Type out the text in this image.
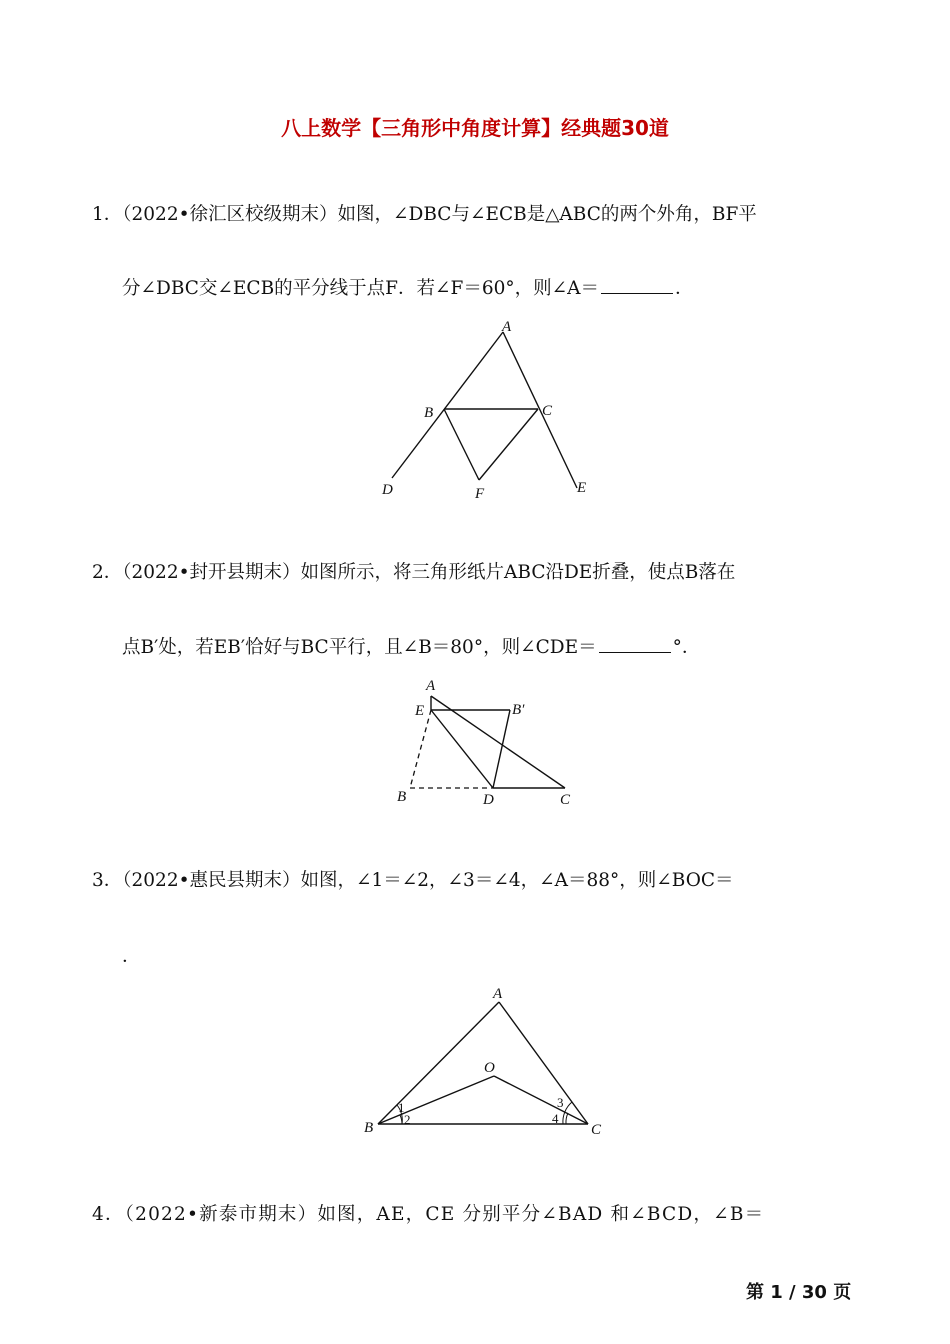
八上数学【三角形中角度计算】经典题30道
1．（2022•徐汇区校级期末）如图，∠DBC与∠ECB是△ABC的两个外角，BF平
分∠DBC交∠ECB的平分线于点F．若∠F＝60°，则∠A＝	．
A
B	C
D	E
F
2．（2022•封开县期末）如图所示，将三角形纸片ABC沿DE折叠，使点B落在
点B′处，若EB′恰好与BC平行，且∠B＝80°，则∠CDE＝	°．
A
E	B′
B	D	C
3．（2022•惠民县期末）如图，∠1＝∠2，∠3＝∠4，∠A＝88°，则∠BOC＝
．
A
O
B	C
1
2
3
4
4．（2022•新泰市期末）如图，AE，CE 分别平分∠BAD 和∠BCD，∠B＝
第 1 / 30 页
